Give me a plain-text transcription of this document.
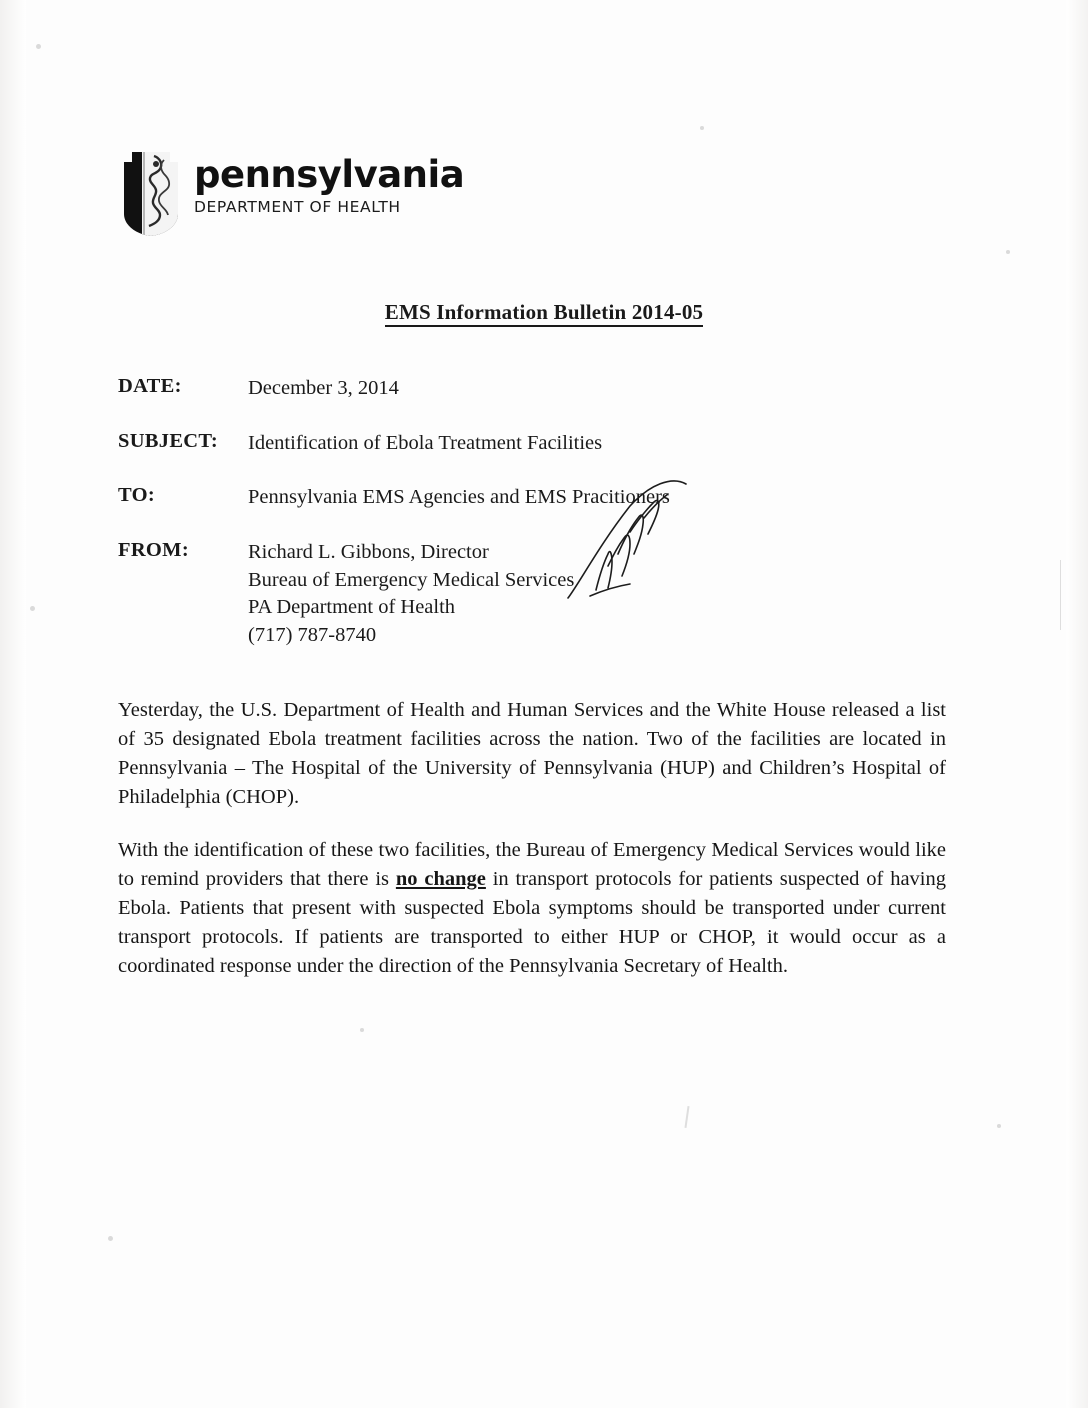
pennsylvania
DEPARTMENT OF HEALTH
EMS Information Bulletin 2014-05
DATE:	December 3, 2014
SUBJECT:	Identification of Ebola Treatment Facilities
TO:	Pennsylvania EMS Agencies and EMS Pracitioners
FROM:	Richard L. Gibbons, Director
Bureau of Emergency Medical Services
PA Department of Health
(717) 787-8740

Yesterday, the U.S. Department of Health and Human Services and the White House released a list of 35 designated Ebola treatment facilities across the nation. Two of the facilities are located in Pennsylvania – The Hospital of the University of Pennsylvania (HUP) and Children’s Hospital of Philadelphia (CHOP).

With the identification of these two facilities, the Bureau of Emergency Medical Services would like to remind providers that there is no change in transport protocols for patients suspected of having Ebola. Patients that present with suspected Ebola symptoms should be transported under current transport protocols. If patients are transported to either HUP or CHOP, it would occur as a coordinated response under the direction of the Pennsylvania Secretary of Health.
